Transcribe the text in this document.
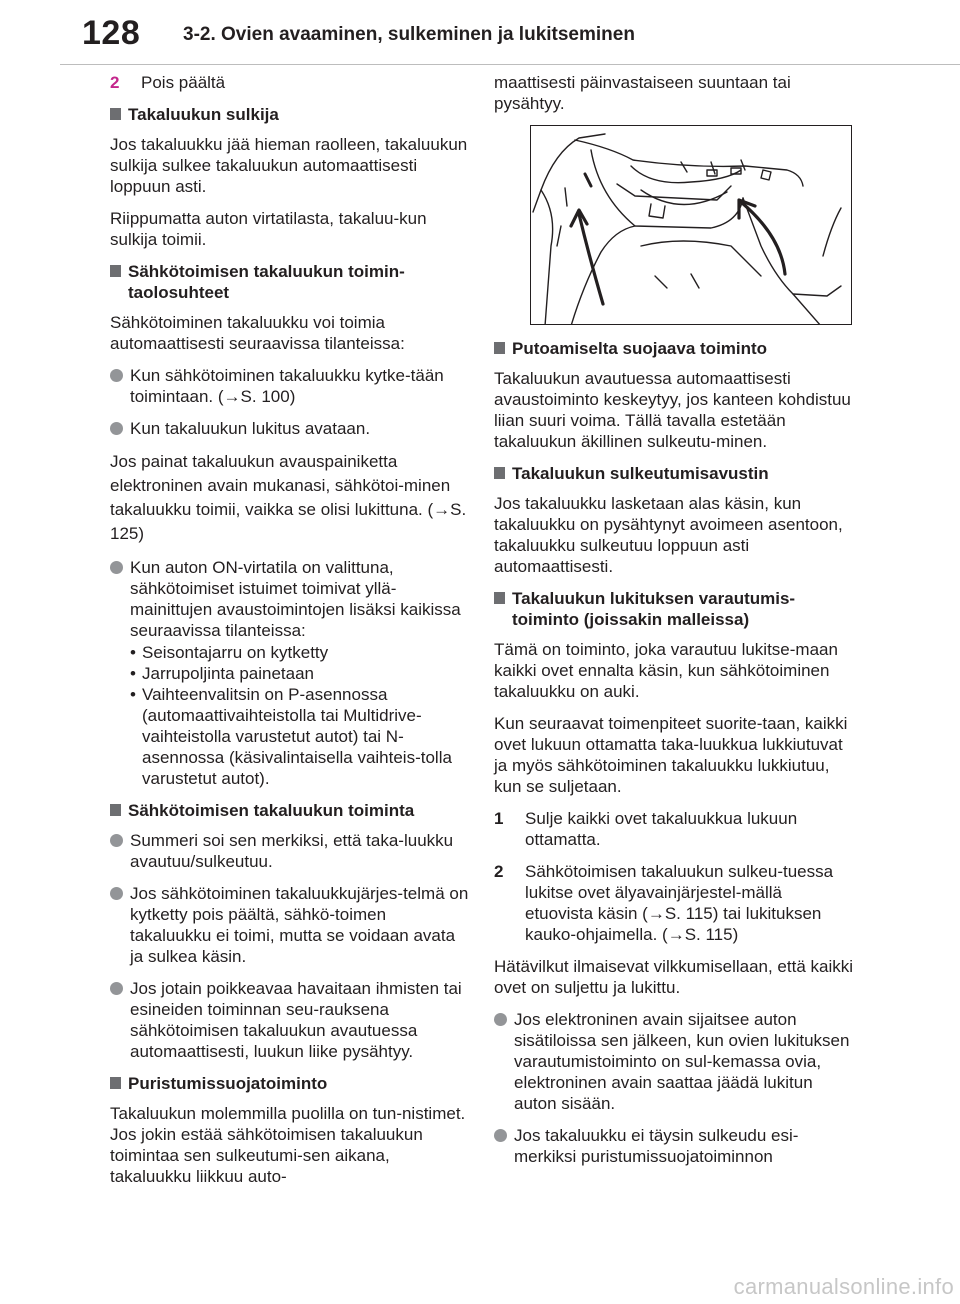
128 3-2. Ovien avaaminen, sulkeminen ja lukitseminen
2 Pois päältä
Takaluukun sulkija
Jos takaluukku jää hieman raolleen, takaluukun sulkija sulkee takaluukun automaattisesti loppuun asti.
Riippumatta auton virtatilasta, takaluu-kun sulkija toimii.
Sähkötoimisen takaluukun toimin-taolosuhteet
Sähkötoiminen takaluukku voi toimia automaattisesti seuraavissa tilanteissa:
Kun sähkötoiminen takaluukku kytke-tään toimintaan. (→S. 100)
Kun takaluukun lukitus avataan.
Jos painat takaluukun avauspainiketta elektroninen avain mukanasi, sähkötoi-minen takaluukku toimii, vaikka se olisi lukittuna. (→S. 125)
Kun auton ON-virtatila on valittuna, sähkötoimiset istuimet toimivat yllä-mainittujen avaustoimintojen lisäksi kaikissa seuraavissa tilanteissa:
• Seisontajarru on kytketty
• Jarrupoljinta painetaan
• Vaihteenvalitsin on P-asennossa (automaattivaihteistolla tai Multidrive-vaihteistolla varustetut autot) tai N-asennossa (käsivalintaisella vaihteis-tolla varustetut autot).
Sähkötoimisen takaluukun toiminta
Summeri soi sen merkiksi, että taka-luukku avautuu/sulkeutuu.
Jos sähkötoiminen takaluukkujärjes-telmä on kytketty pois päältä, sähkö-toimen takaluukku ei toimi, mutta se voidaan avata ja sulkea käsin.
Jos jotain poikkeavaa havaitaan ihmisten tai esineiden toiminnan seu-rauksena sähkötoimisen takaluukun avautuessa automaattisesti, luukun liike pysähtyy.
Puristumissuojatoiminto
Takaluukun molemmilla puolilla on tun-nistimet. Jos jokin estää sähkötoimisen takaluukun toimintaa sen sulkeutumi-sen aikana, takaluukku liikkuu auto-
maattisesti päinvastaiseen suuntaan tai pysähtyy.
Putoamiselta suojaava toiminto
Takaluukun avautuessa automaattisesti avaustoiminto keskeytyy, jos kanteen kohdistuu liian suuri voima. Tällä tavalla estetään takaluukun äkillinen sulkeutu-minen.
Takaluukun sulkeutumisavustin
Jos takaluukku lasketaan alas käsin, kun takaluukku on pysähtynyt avoimeen asentoon, takaluukku sulkeutuu loppuun asti automaattisesti.
Takaluukun lukituksen varautumis-toiminto (joissakin malleissa)
Tämä on toiminto, joka varautuu lukitse-maan kaikki ovet ennalta käsin, kun sähkötoiminen takaluukku on auki.
Kun seuraavat toimenpiteet suorite-taan, kaikki ovet lukuun ottamatta taka-luukkua lukkiutuvat ja myös sähkötoiminen takaluukku lukkiutuu, kun se suljetaan.
1 Sulje kaikki ovet takaluukkua lukuun ottamatta.
2 Sähkötoimisen takaluukun sulkeu-tuessa lukitse ovet älyavainjärjestel-mällä etuovista käsin (→S. 115) tai lukituksen kauko-ohjaimella. (→S. 115)
Hätävilkut ilmaisevat vilkkumisellaan, että kaikki ovet on suljettu ja lukittu.
Jos elektroninen avain sijaitsee auton sisätiloissa sen jälkeen, kun ovien lukituksen varautumistoiminto on sul-kemassa ovia, elektroninen avain saattaa jäädä lukitun auton sisään.
Jos takaluukku ei täysin sulkeudu esi-merkiksi puristumissuojatoiminnon
carmanualsonline.info
